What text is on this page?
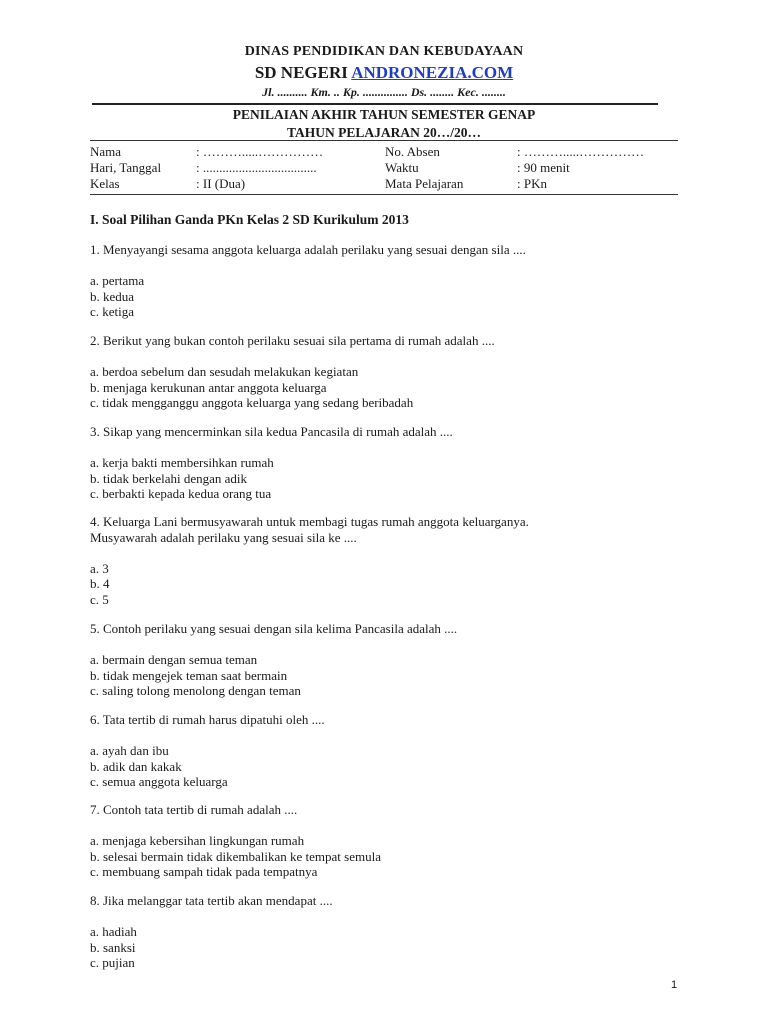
DINAS PENDIDIKAN DAN KEBUDAYAAN
SD NEGERI ANDRONEZIA.COM
Jl. .......... Km. .. Kp. ............... Ds. ........ Kec. ........
PENILAIAN AKHIR TAHUN SEMESTER GENAP
TAHUN PELAJARAN 20…/20…
Nama	: ……….....……………	No. Absen	: ……….....……………
Hari, Tanggal	: ...................................	Waktu	: 90 menit
Kelas	: II (Dua)	Mata Pelajaran	: PKn
I. Soal Pilihan Ganda PKn Kelas 2 SD Kurikulum 2013
1. Menyayangi sesama anggota keluarga adalah perilaku yang sesuai dengan sila ....
a. pertama
b. kedua
c. ketiga
2. Berikut yang bukan contoh perilaku sesuai sila pertama di rumah adalah ....
a. berdoa sebelum dan sesudah melakukan kegiatan
b. menjaga kerukunan antar anggota keluarga
c. tidak mengganggu anggota keluarga yang sedang beribadah
3. Sikap yang mencerminkan sila kedua Pancasila di rumah adalah ....
a. kerja bakti membersihkan rumah
b. tidak berkelahi dengan adik
c. berbakti kepada kedua orang tua
4. Keluarga Lani bermusyawarah untuk membagi tugas rumah anggota keluarganya.
Musyawarah adalah perilaku yang sesuai sila ke ....
a. 3
b. 4
c. 5
5. Contoh perilaku yang sesuai dengan sila kelima Pancasila adalah ....
a. bermain dengan semua teman
b. tidak mengejek teman saat bermain
c. saling tolong menolong dengan teman
6. Tata tertib di rumah harus dipatuhi oleh ....
a. ayah dan ibu
b. adik dan kakak
c. semua anggota keluarga
7. Contoh tata tertib di rumah adalah ....
a. menjaga kebersihan lingkungan rumah
b. selesai bermain tidak dikembalikan ke tempat semula
c. membuang sampah tidak pada tempatnya
8. Jika melanggar tata tertib akan mendapat ....
a. hadiah
b. sanksi
c. pujian
1
